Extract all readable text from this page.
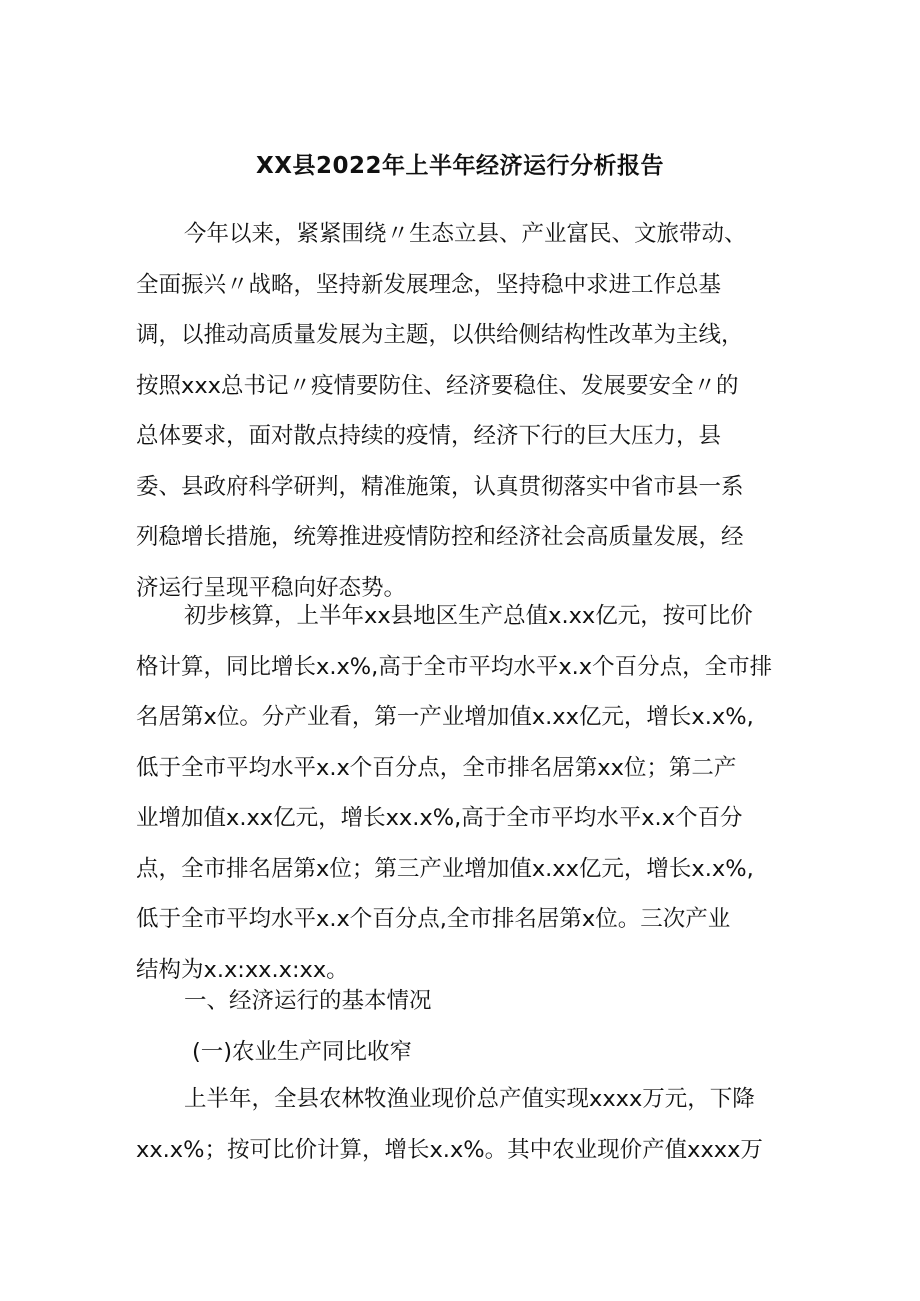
XX县2022年上半年经济运行分析报告
今年以来，紧紧围绕〃生态立县、产业富民、文旅带动、
全面振兴〃战略，坚持新发展理念，坚持稳中求进工作总基
调，以推动高质量发展为主题，以供给侧结构性改革为主线，
按照xxx总书记〃疫情要防住、经济要稳住、发展要安全〃的
总体要求，面对散点持续的疫情，经济下行的巨大压力，县
委、县政府科学研判，精准施策，认真贯彻落实中省市县一系
列稳增长措施，统筹推进疫情防控和经济社会高质量发展，经
济运行呈现平稳向好态势。
初步核算，上半年xx县地区生产总值x.xx亿元，按可比价
格计算，同比增长x.x%,高于全市平均水平x.x个百分点，全市排
名居第x位。分产业看，第一产业增加值x.xx亿元，增长x.x%,
低于全市平均水平x.x个百分点，全市排名居第xx位；第二产
业增加值x.xx亿元，增长xx.x%,高于全市平均水平x.x个百分
点，全市排名居第x位；第三产业增加值x.xx亿元，增长x.x%,
低于全市平均水平x.x个百分点,全市排名居第x位。三次产业
结构为x.x:xx.x:xx。
一、经济运行的基本情况
(一)农业生产同比收窄
上半年，全县农林牧渔业现价总产值实现xxxx万元，下降
xx.x%；按可比价计算，增长x.x%。其中农业现价产值xxxx万
